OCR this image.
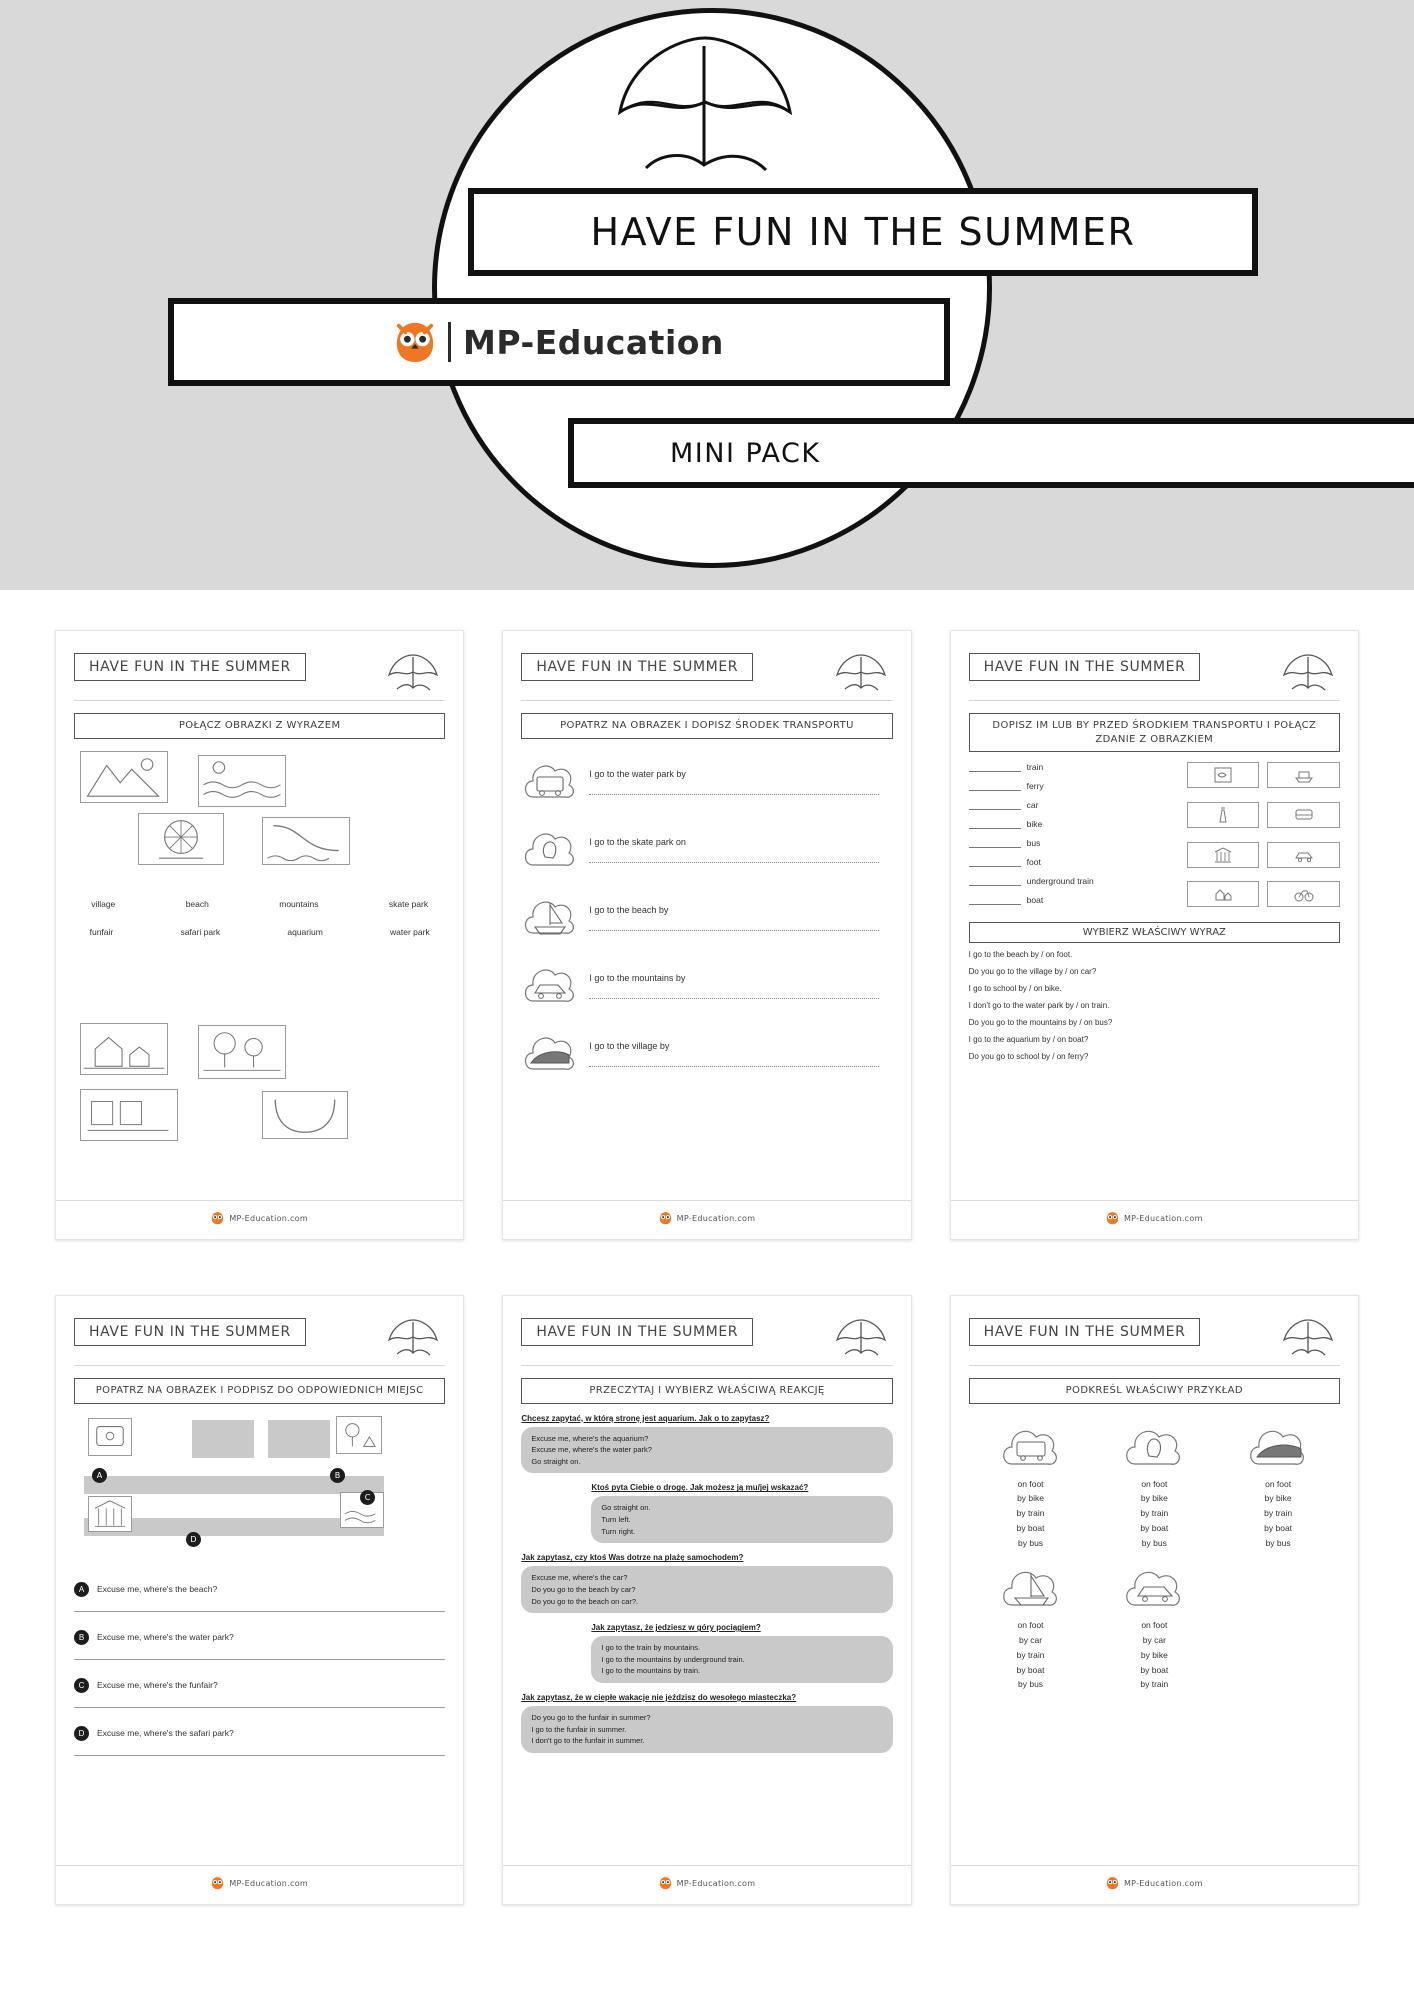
HAVE FUN IN THE SUMMER
MP-Education
MINI PACK
HAVE FUN IN THE SUMMER
POŁĄCZ OBRAZKI Z WYRAZEM
village	beach	mountains	skate park
funfair	safari park	aquarium	water park
MP-Education.com
HAVE FUN IN THE SUMMER
POPATRZ NA OBRAZEK I DOPISZ ŚRODEK TRANSPORTU
I go to the water park by
I go to the skate park on
I go to the beach by
I go to the mountains by
I go to the village by
MP-Education.com
HAVE FUN IN THE SUMMER
DOPISZ IM LUB BY PRZED ŚRODKIEM TRANSPORTU I POŁĄCZ ZDANIE Z OBRAZKIEM
train
ferry
car
bike
bus
foot
underground train
boat
WYBIERZ WŁAŚCIWY WYRAZ
I go to the beach by / on foot.
Do you go to the village by / on car?
I go to school by / on bike.
I don't go to the water park by / on train.
Do you go to the mountains by / on bus?
I go to the aquarium by / on boat?
Do you go to school by / on ferry?
MP-Education.com
HAVE FUN IN THE SUMMER
POPATRZ NA OBRAZEK I PODPISZ DO ODPOWIEDNICH MIEJSC
A	B
C
D
A	Excuse me, where's the beach?
B	Excuse me, where's the water park?
C	Excuse me, where's the funfair?
D	Excuse me, where's the safari park?
MP-Education.com
HAVE FUN IN THE SUMMER
PRZECZYTAJ I WYBIERZ WŁAŚCIWĄ REAKCJĘ
Chcesz zapytać, w którą stronę jest aquarium. Jak o to zapytasz?
Excuse me, where's the aquarium?
Excuse me, where's the water park?
Go straight on.
Ktoś pyta Ciebie o drogę. Jak możesz ją mu/jej wskazać?
Go straight on.
Turn left.
Turn right.
Jak zapytasz, czy ktoś Was dotrze na plażę samochodem?
Excuse me, where's the car?
Do you go to the beach by car?
Do you go to the beach on car?.
Jak zapytasz, że jedziesz w góry pociągiem?
I go to the train by mountains.
I go to the mountains by underground train.
I go to the mountains by train.
Jak zapytasz, że w ciepłe wakacje nie jeździsz do wesołego miasteczka?
Do you go to the funfair in summer?
I go to the funfair in summer.
I don't go to the funfair in summer.
MP-Education.com
HAVE FUN IN THE SUMMER
PODKREŚL WŁAŚCIWY PRZYKŁAD
on foot
by bike
by train
by boat
by bus
on foot
by bike
by train
by boat
by bus
on foot
by bike
by train
by boat
by bus
on foot
by car
by train
by boat
by bus
on foot
by car
by bike
by boat
by train
MP-Education.com
